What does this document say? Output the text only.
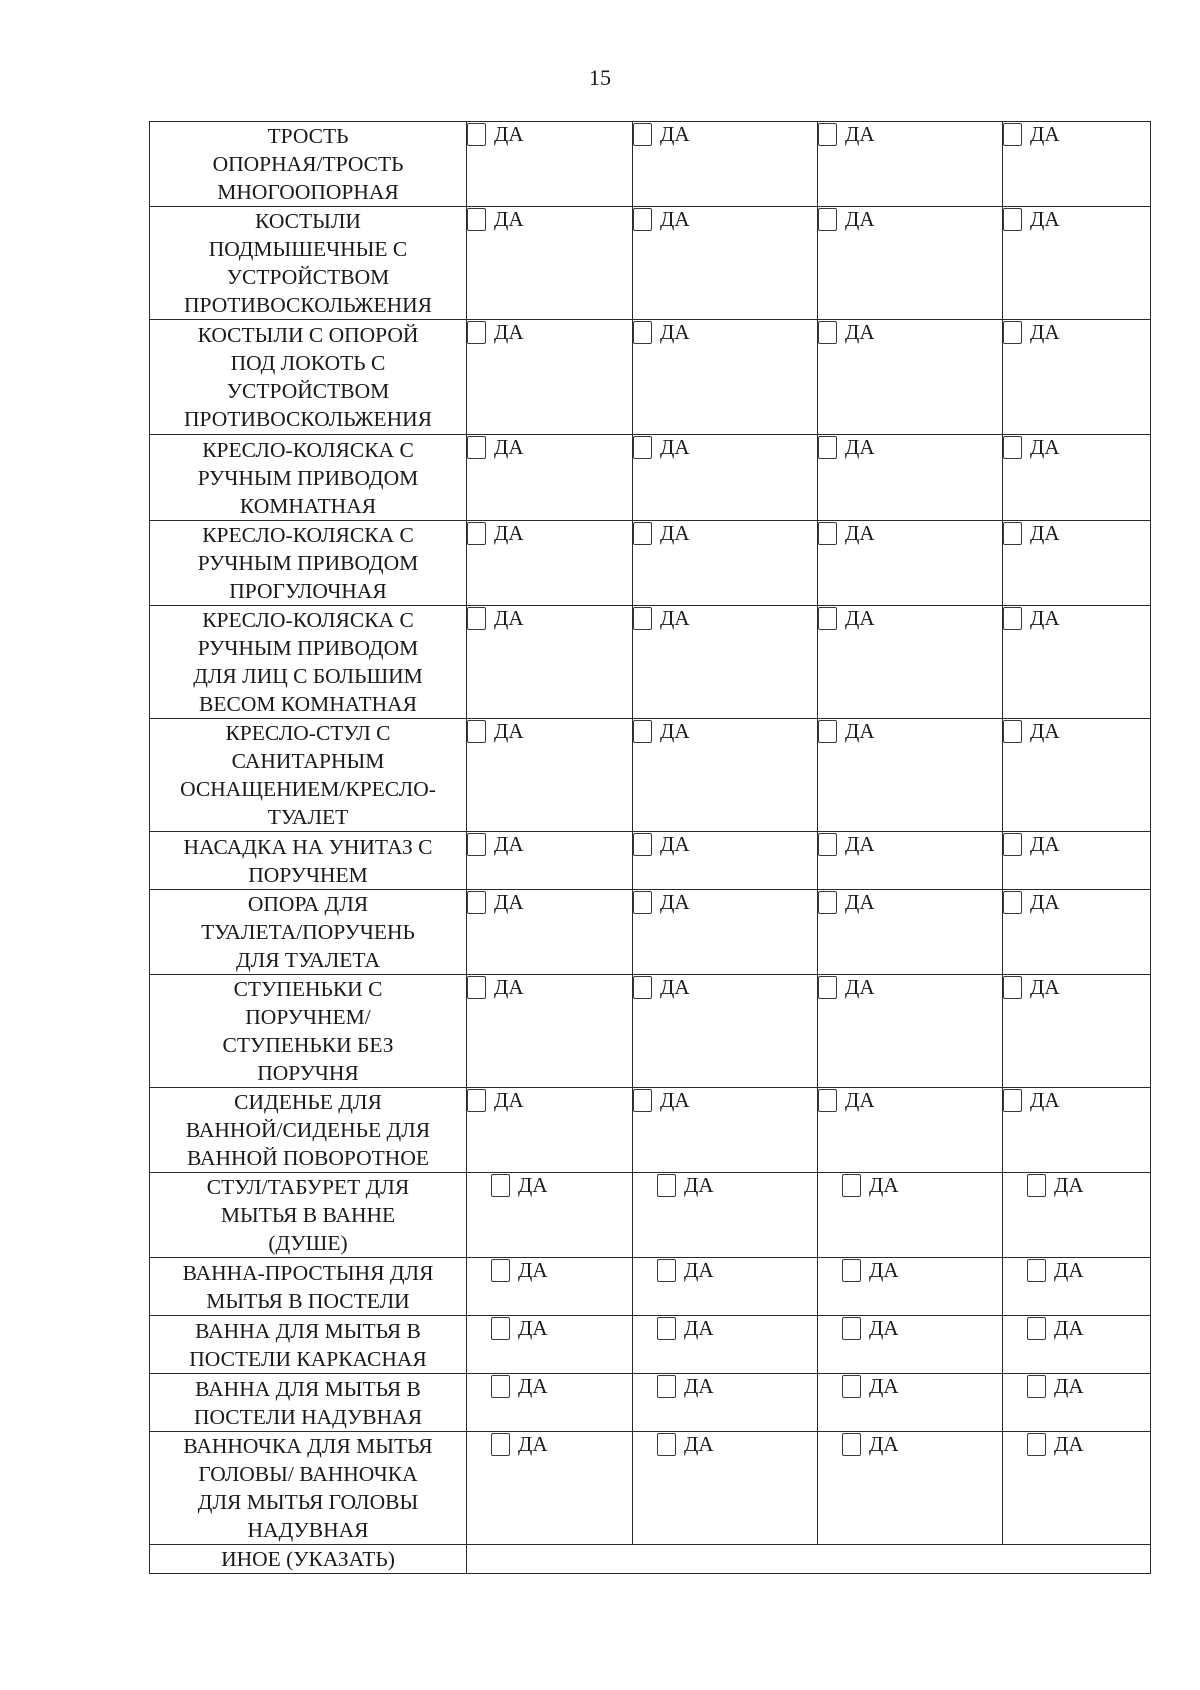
15
ТРОСТЬ
ОПОРНАЯ/ТРОСТЬ
МНОГООПОРНАЯ	ДА	ДА	ДА	ДА

КОСТЫЛИ
ПОДМЫШЕЧНЫЕ С
УСТРОЙСТВОМ
ПРОТИВОСКОЛЬЖЕНИЯ	ДА	ДА	ДА	ДА

КОСТЫЛИ С ОПОРОЙ
ПОД ЛОКОТЬ С
УСТРОЙСТВОМ
ПРОТИВОСКОЛЬЖЕНИЯ	ДА	ДА	ДА	ДА

КРЕСЛО-КОЛЯСКА С
РУЧНЫМ ПРИВОДОМ
КОМНАТНАЯ	ДА	ДА	ДА	ДА

КРЕСЛО-КОЛЯСКА С
РУЧНЫМ ПРИВОДОМ
ПРОГУЛОЧНАЯ	ДА	ДА	ДА	ДА

КРЕСЛО-КОЛЯСКА С
РУЧНЫМ ПРИВОДОМ
ДЛЯ ЛИЦ С БОЛЬШИМ
ВЕСОМ КОМНАТНАЯ	ДА	ДА	ДА	ДА

КРЕСЛО-СТУЛ С
САНИТАРНЫМ
ОСНАЩЕНИЕМ/КРЕСЛО-
ТУАЛЕТ	ДА	ДА	ДА	ДА

НАСАДКА НА УНИТАЗ С
ПОРУЧНЕМ	ДА	ДА	ДА	ДА

ОПОРА ДЛЯ
ТУАЛЕТА/ПОРУЧЕНЬ
ДЛЯ ТУАЛЕТА	ДА	ДА	ДА	ДА

СТУПЕНЬКИ С
ПОРУЧНЕМ/
СТУПЕНЬКИ БЕЗ
ПОРУЧНЯ	ДА	ДА	ДА	ДА

СИДЕНЬЕ ДЛЯ
ВАННОЙ/СИДЕНЬЕ ДЛЯ
ВАННОЙ ПОВОРОТНОЕ	ДА	ДА	ДА	ДА

СТУЛ/ТАБУРЕТ ДЛЯ
МЫТЬЯ В ВАННЕ
(ДУШЕ)	ДА	ДА	ДА	ДА

ВАННА-ПРОСТЫНЯ ДЛЯ
МЫТЬЯ В ПОСТЕЛИ	ДА	ДА	ДА	ДА

ВАННА ДЛЯ МЫТЬЯ В
ПОСТЕЛИ КАРКАСНАЯ	ДА	ДА	ДА	ДА

ВАННА ДЛЯ МЫТЬЯ В
ПОСТЕЛИ НАДУВНАЯ	ДА	ДА	ДА	ДА

ВАННОЧКА ДЛЯ МЫТЬЯ
ГОЛОВЫ/ ВАННОЧКА
ДЛЯ МЫТЬЯ ГОЛОВЫ
НАДУВНАЯ	ДА	ДА	ДА	ДА

ИНОЕ (УКАЗАТЬ)				
